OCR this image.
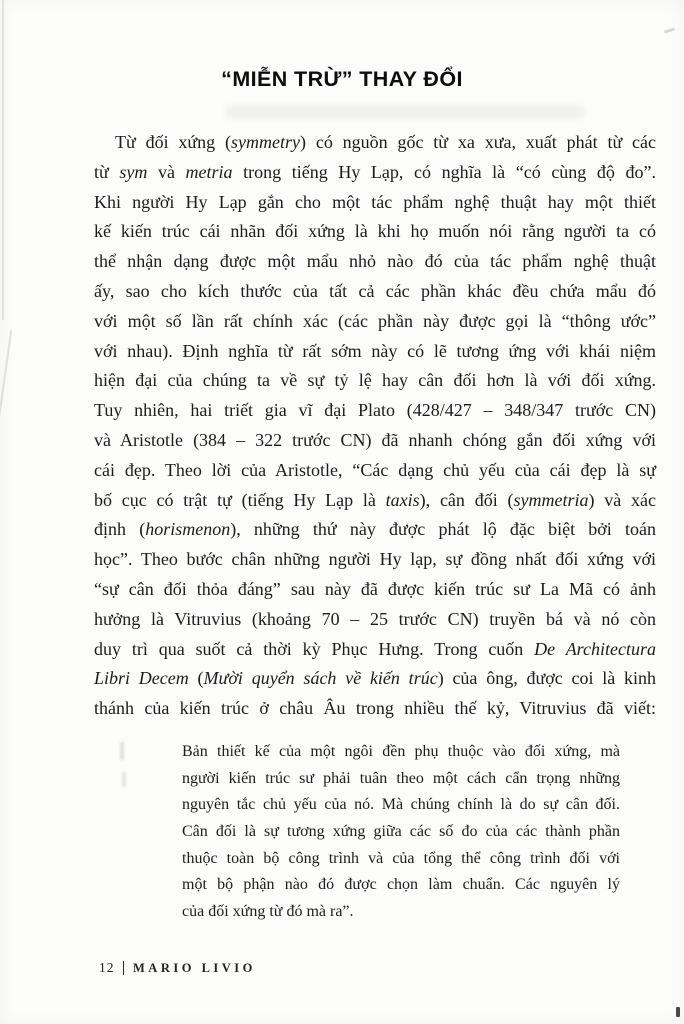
“MIỄN TRỪ” THAY ĐỔI
Từ đối xứng (symmetry) có nguồn gốc từ xa xưa, xuất phát từ các
từ sym và metria trong tiếng Hy Lạp, có nghĩa là “có cùng độ đo”.
Khi người Hy Lạp gắn cho một tác phẩm nghệ thuật hay một thiết
kế kiến trúc cái nhãn đối xứng là khi họ muốn nói rằng người ta có
thể nhận dạng được một mẩu nhỏ nào đó của tác phẩm nghệ thuật
ấy, sao cho kích thước của tất cả các phần khác đều chứa mẩu đó
với một số lần rất chính xác (các phần này được gọi là “thông ước”
với nhau). Định nghĩa từ rất sớm này có lẽ tương ứng với khái niệm
hiện đại của chúng ta về sự tỷ lệ hay cân đối hơn là với đối xứng.
Tuy nhiên, hai triết gia vĩ đại Plato (428/427 – 348/347 trước CN)
và Aristotle (384 – 322 trước CN) đã nhanh chóng gắn đối xứng với
cái đẹp. Theo lời của Aristotle, “Các dạng chủ yếu của cái đẹp là sự
bố cục có trật tự (tiếng Hy Lạp là taxis), cân đối (symmetria) và xác
định (horismenon), những thứ này được phát lộ đặc biệt bởi toán
học”. Theo bước chân những người Hy lạp, sự đồng nhất đối xứng với
“sự cân đối thỏa đáng” sau này đã được kiến trúc sư La Mã có ảnh
hưởng là Vitruvius (khoảng 70 – 25 trước CN) truyền bá và nó còn
duy trì qua suốt cả thời kỳ Phục Hưng. Trong cuốn De Architectura
Libri Decem (Mười quyển sách về kiến trúc) của ông, được coi là kinh
thánh của kiến trúc ở châu Âu trong nhiều thế kỷ, Vitruvius đã viết:
Bản thiết kế của một ngôi đền phụ thuộc vào đối xứng, mà
người kiến trúc sư phải tuân theo một cách cẩn trọng những
nguyên tắc chủ yếu của nó. Mà chúng chính là do sự cân đối.
Cân đối là sự tương xứng giữa các số đo của các thành phần
thuộc toàn bộ công trình và của tổng thể công trình đối với
một bộ phận nào đó được chọn làm chuẩn. Các nguyên lý
của đối xứng từ đó mà ra”.
12 MARIO LIVIO
